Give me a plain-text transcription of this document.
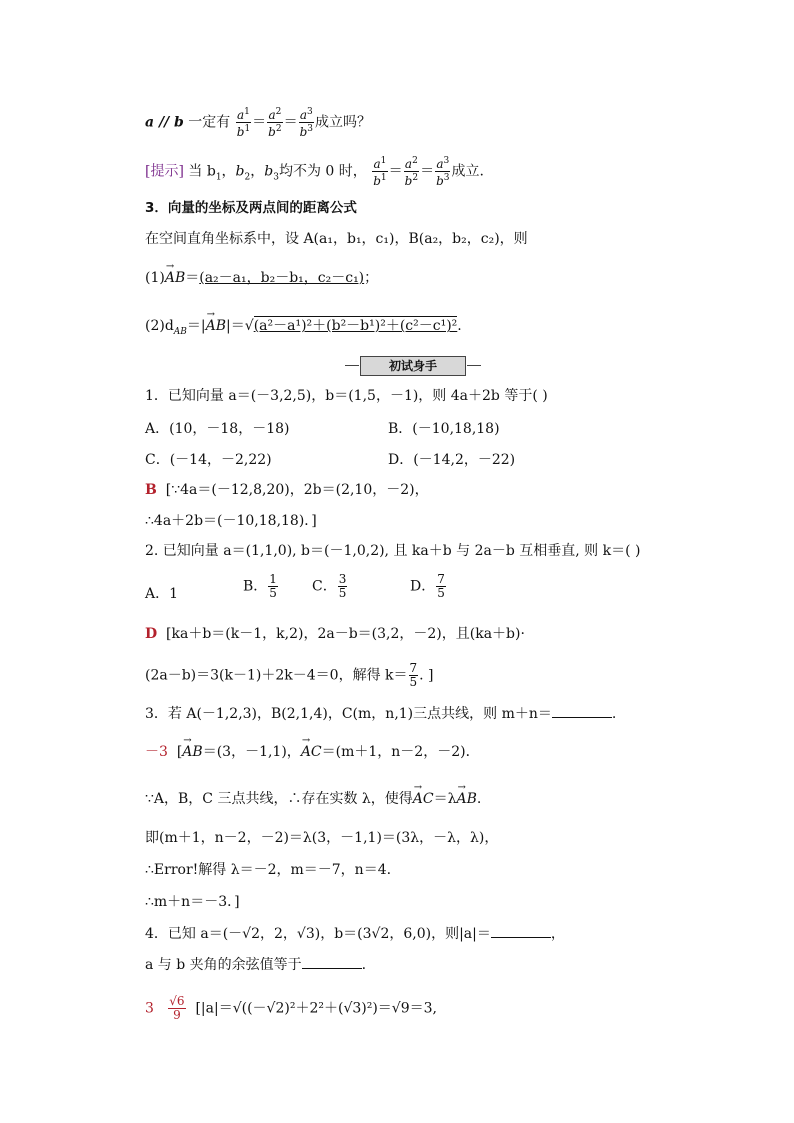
a // b 一定有 $\frac{a^1}{b^1} = \frac{a^2}{b^2} = \frac{a^3}{b^3}$ 成立吗？
[提示] 当 $b_1$，$b_2$，$b_3$均不为 0 时， $\frac{a^1}{b^1} = \frac{a^2}{b^2} = \frac{a^3}{b^3}$ 成立.
3．向量的坐标及两点间的距离公式
在空间直角坐标系中，设 A(a₁，b₁，c₁)，B(a₂，b₂，c₂)，则
(1)→ AB＝(a₂－a₁，b₂－b₁，c₂－c₁)；
$(2)d_{AB}=|\to AB|=√(a^2-a^1)^2+(b^2-b^1)^2+(c^2-c^1)^2$.
初试身手
1．已知向量 a＝(－3,2,5)，b＝(1,5，－1)，则 4a＋2b 等于( )
A．(10，－18，－18)	B．(－10,18,18)
C．(－14，－2,22)	D．(－14,2，－22)
B [∵4a＝(－12,8,20)，2b＝(2,10，－2)，
∴4a＋2b＝(－10,18,18)．]
2. 已知向量 a＝(1,1,0), b＝(－1,0,2), 且 ka＋b 与 2a－b 互相垂直, 则 k＝( )
A．1	B． $\frac{1}{5}$ C． $\frac{3}{5}$	D． $\frac{7}{5}$
D [ka＋b＝(k－1，k,2)，2a－b＝(3,2，－2)，且(ka＋b)·
(2a－b)＝3(k－1)＋2k－4＝0，解得 $k= \frac{7}{5}$ . ]
3．若 A(－1,2,3)，B(2,1,4)，C(m，n,1)三点共线，则 m＋n＝	.
－3 [→ AB＝(3，－1,1)，→ AC＝(m＋1，n－2，－2)．
∵A，B，C 三点共线，∴存在实数 λ，使得→ AC＝λ→ AB.
即(m＋1，n－2，－2)＝λ(3，－1,1)＝(3λ，－λ，λ)，
∴Error!解得 λ＝－2，m＝－7，n＝4.
∴m＋n＝－3．]
4．已知 a＝(－√2，2，√3)，b＝(3√2，6,0)，则|a|＝	，
a 与 b 夹角的余弦值等于	.
$3 \frac{√6}{9} [|a|=√((-√2)^2+2^2+(√3)^2)=√9=3$,
